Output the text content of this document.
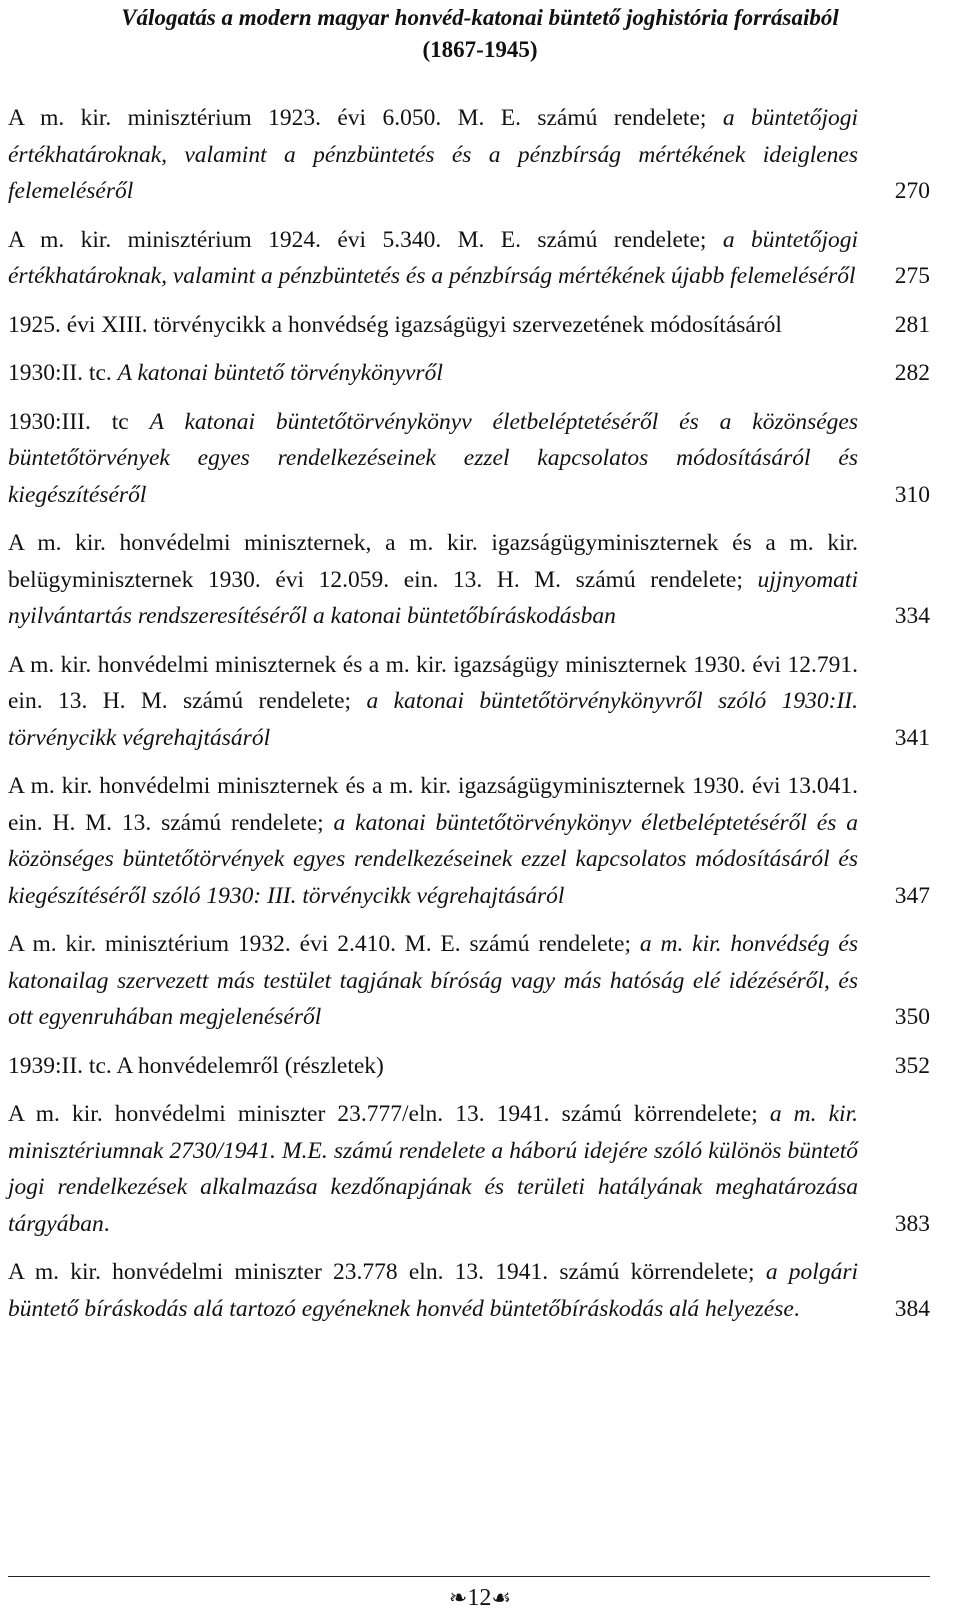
Válogatás a modern magyar honvéd-katonai büntető joghistória forrásaiból
(1867-1945)
A m. kir. minisztérium 1923. évi 6.050. M. E. számú rendelete; a büntetőjogi értékhatároknak, valamint a pénzbüntetés és a pénzbírság mértékének ideiglenes felemeléséről	270
A m. kir. minisztérium 1924. évi 5.340. M. E. számú rendelete; a büntetőjogi értékhatároknak, valamint a pénzbüntetés és a pénzbírság mértékének újabb felemeléséről	275
1925. évi XIII. törvénycikk a honvédség igazságügyi szervezetének módosításáról	281
1930:II. tc. A katonai büntető törvénykönyvről	282
1930:III. tc A katonai büntetőtörvénykönyv életbeléptetéséről és a közönséges büntetőtörvények egyes rendelkezéseinek ezzel kapcsolatos módosításáról és kiegészítéséről	310
A m. kir. honvédelmi miniszternek, a m. kir. igazságügyminiszternek és a m. kir. belügyminiszternek 1930. évi 12.059. ein. 13. H. M. számú rendelete; ujjnyomati nyilvántartás rendszeresítéséről a katonai büntetőbíráskodásban	334
A m. kir. honvédelmi miniszternek és a m. kir. igazságügy miniszternek 1930. évi 12.791. ein. 13. H. M. számú rendelete; a katonai büntetőtörvénykönyvről szóló 1930:II. törvénycikk végrehajtásáról	341
A m. kir. honvédelmi miniszternek és a m. kir. igazságügyminiszternek 1930. évi 13.041. ein. H. M. 13. számú rendelete; a katonai büntetőtörvénykönyv életbeléptetéséről és a közönséges büntetőtörvények egyes rendelkezéseinek ezzel kapcsolatos módosításáról és kiegészítéséről szóló 1930: III. törvénycikk végrehajtásáról	347
A m. kir. minisztérium 1932. évi 2.410. M. E. számú rendelete; a m. kir. honvédség és katonailag szervezett más testület tagjának bíróság vagy más hatóság elé idézéséről, és ott egyenruhában megjelenéséről	350
1939:II. tc. A honvédelemről (részletek)	352
A m. kir. honvédelmi miniszter 23.777/eln. 13. 1941. számú körrendelete; a m. kir. minisztériumnak 2730/1941. M.E. számú rendelete a háború idejére szóló különös büntető jogi rendelkezések alkalmazása kezdőnapjának és területi hatályának meghatározása tárgyában.	383
A m. kir. honvédelmi miniszter 23.778 eln. 13. 1941. számú körrendelete; a polgári büntető bíráskodás alá tartozó egyéneknek honvéd büntetőbíráskodás alá helyezése.	384
❧12☙
